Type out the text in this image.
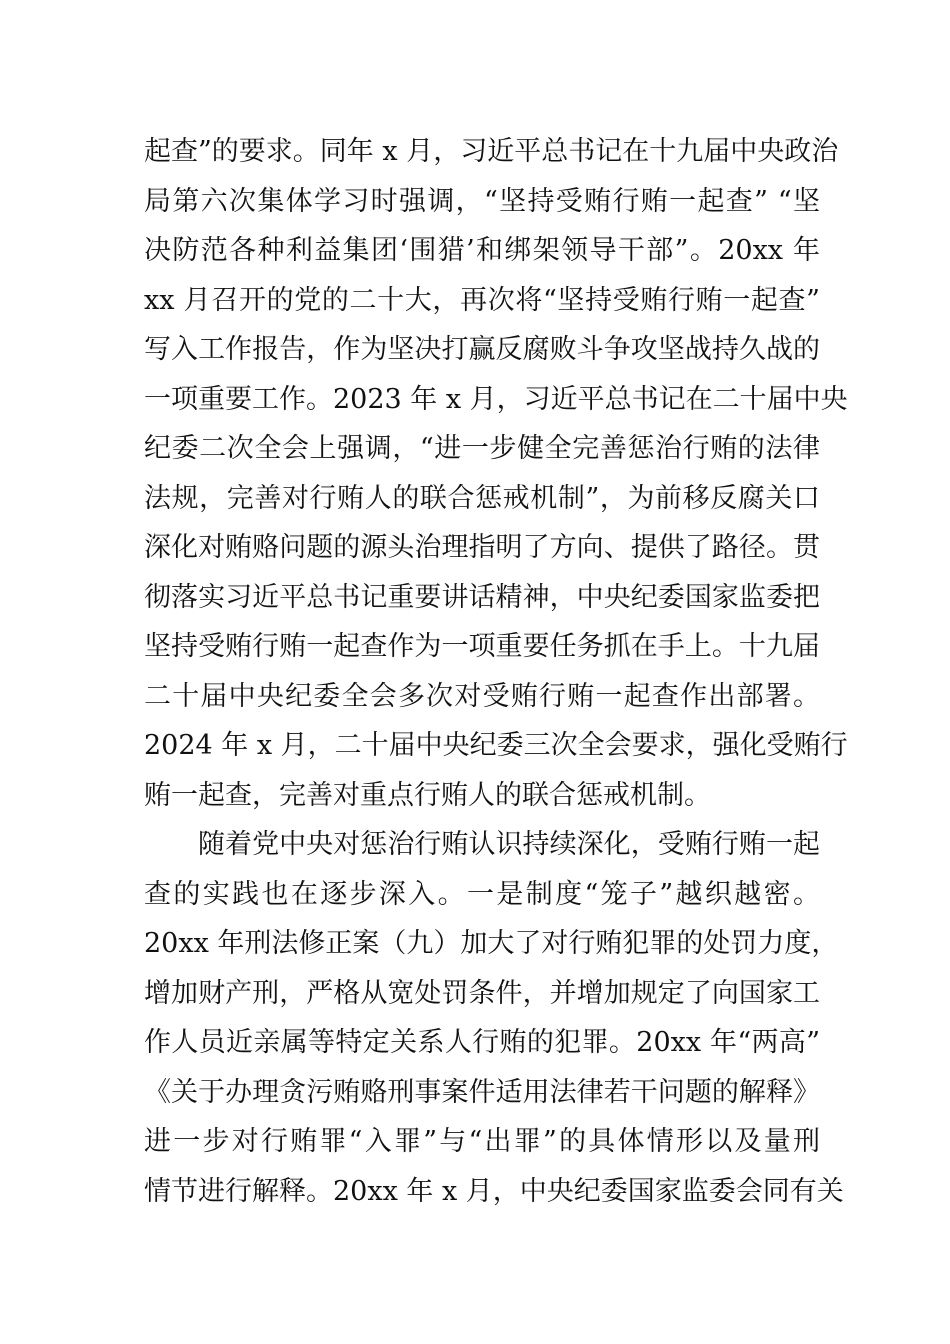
起查”的要求。同年 x 月，习近平总书记在十九届中央政治
局第六次集体学习时强调，“坚持受贿行贿一起查” “坚
决防范各种利益集团‘围猎’和绑架领导干部”。20xx 年
xx 月召开的党的二十大，再次将“坚持受贿行贿一起查”
写入工作报告，作为坚决打赢反腐败斗争攻坚战持久战的
一项重要工作。2023 年 x 月，习近平总书记在二十届中央
纪委二次全会上强调，“进一步健全完善惩治行贿的法律
法规，完善对行贿人的联合惩戒机制”，为前移反腐关口
深化对贿赂问题的源头治理指明了方向、提供了路径。贯
彻落实习近平总书记重要讲话精神，中央纪委国家监委把
坚持受贿行贿一起查作为一项重要任务抓在手上。十九届
二十届中央纪委全会多次对受贿行贿一起查作出部署。
2024 年 x 月，二十届中央纪委三次全会要求，强化受贿行
贿一起查，完善对重点行贿人的联合惩戒机制。
随着党中央对惩治行贿认识持续深化，受贿行贿一起
查的实践也在逐步深入。一是制度“笼子”越织越密。
20xx 年刑法修正案（九）加大了对行贿犯罪的处罚力度，
增加财产刑，严格从宽处罚条件，并增加规定了向国家工
作人员近亲属等特定关系人行贿的犯罪。20xx 年“两高”
《关于办理贪污贿赂刑事案件适用法律若干问题的解释》
进一步对行贿罪“入罪”与“出罪”的具体情形以及量刑
情节进行解释。20xx 年 x 月，中央纪委国家监委会同有关
